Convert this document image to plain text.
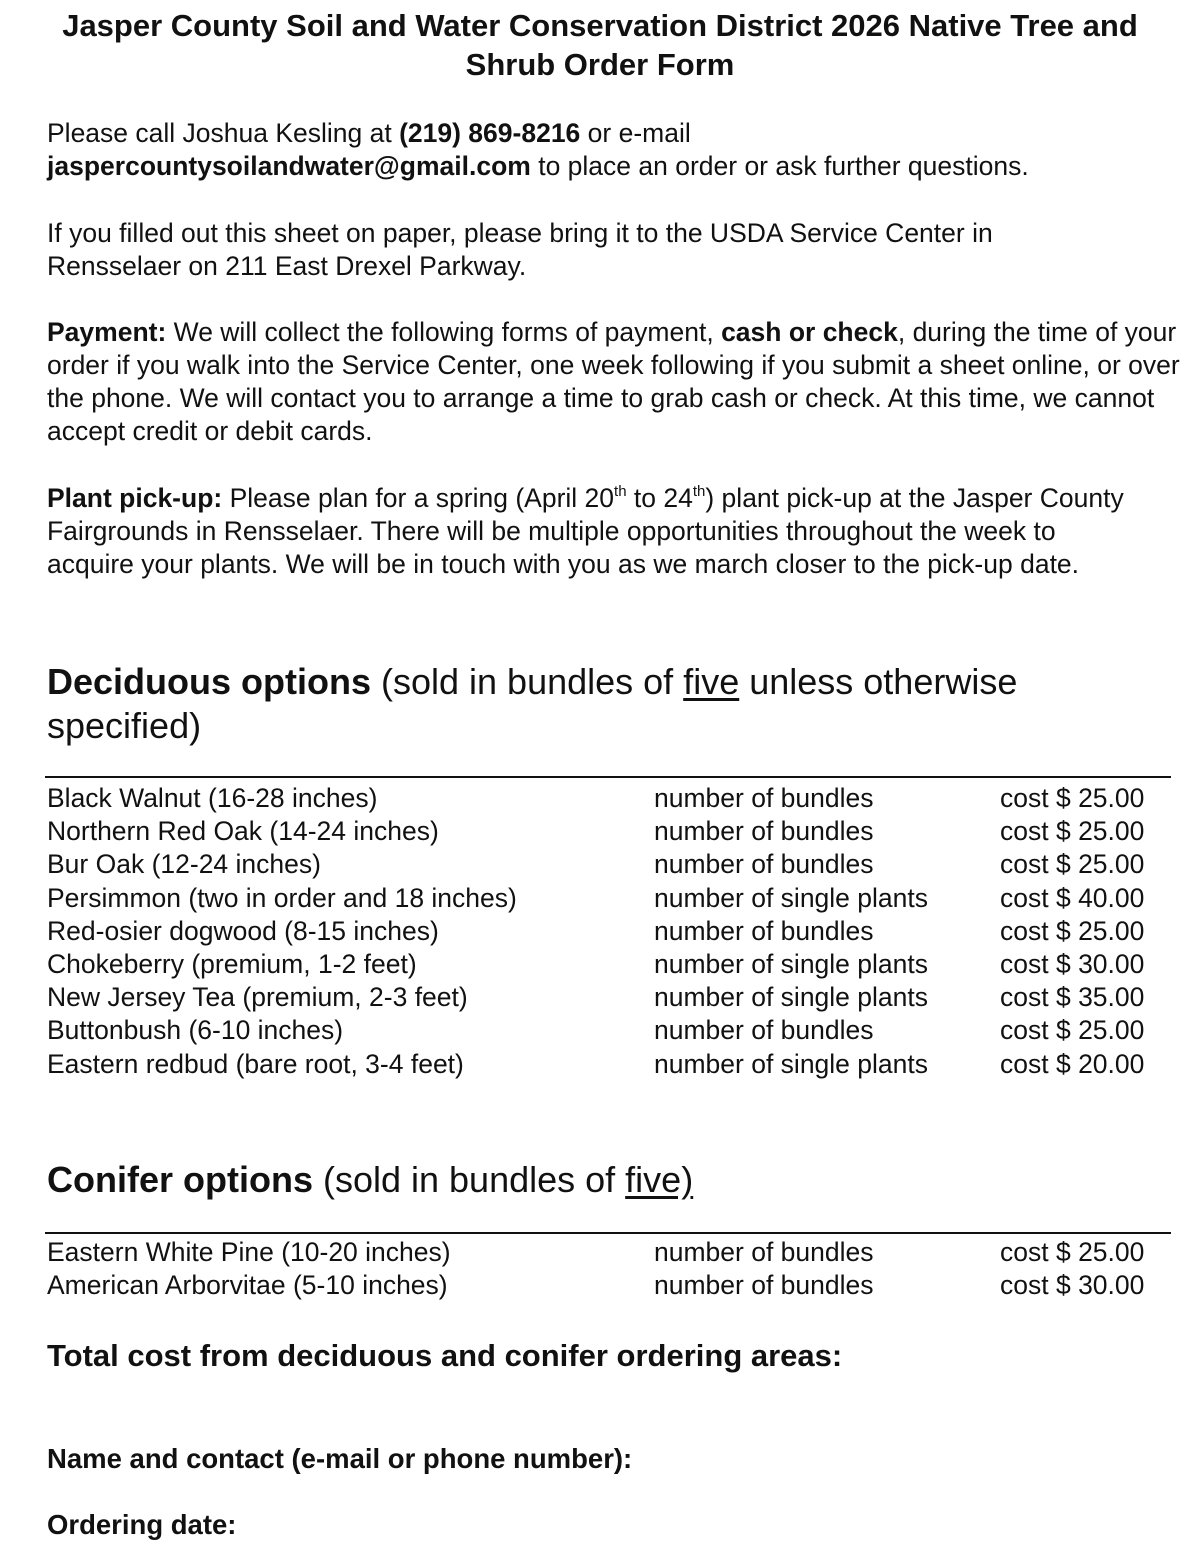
Jasper County Soil and Water Conservation District 2026 Native Tree and Shrub Order Form
Please call Joshua Kesling at (219) 869-8216 or e-mail
jaspercountysoilandwater@gmail.com to place an order or ask further questions.
If you filled out this sheet on paper, please bring it to the USDA Service Center in Rensselaer on 211 East Drexel Parkway.
Payment: We will collect the following forms of payment, cash or check, during the time of your order if you walk into the Service Center, one week following if you submit a sheet online, or over the phone. We will contact you to arrange a time to grab cash or check. At this time, we cannot accept credit or debit cards.
Plant pick-up: Please plan for a spring (April 20th to 24th) plant pick-up at the Jasper County Fairgrounds in Rensselaer. There will be multiple opportunities throughout the week to acquire your plants. We will be in touch with you as we march closer to the pick-up date.
Deciduous options (sold in bundles of five unless otherwise specified)
Black Walnut (16-28 inches)	number of bundles	cost $ 25.00
Northern Red Oak (14-24 inches)	number of bundles	cost $ 25.00
Bur Oak (12-24 inches)	number of bundles	cost $ 25.00
Persimmon (two in order and 18 inches)	number of single plants	cost $ 40.00
Red-osier dogwood (8-15 inches)	number of bundles	cost $ 25.00
Chokeberry (premium, 1-2 feet)	number of single plants	cost $ 30.00
New Jersey Tea (premium, 2-3 feet)	number of single plants	cost $ 35.00
Buttonbush (6-10 inches)	number of bundles	cost $ 25.00
Eastern redbud (bare root, 3-4 feet)	number of single plants	cost $ 20.00
Conifer options (sold in bundles of five)
Eastern White Pine (10-20 inches)	number of bundles	cost $ 25.00
American Arborvitae (5-10 inches)	number of bundles	cost $ 30.00
Total cost from deciduous and conifer ordering areas:
Name and contact (e-mail or phone number):
Ordering date:
